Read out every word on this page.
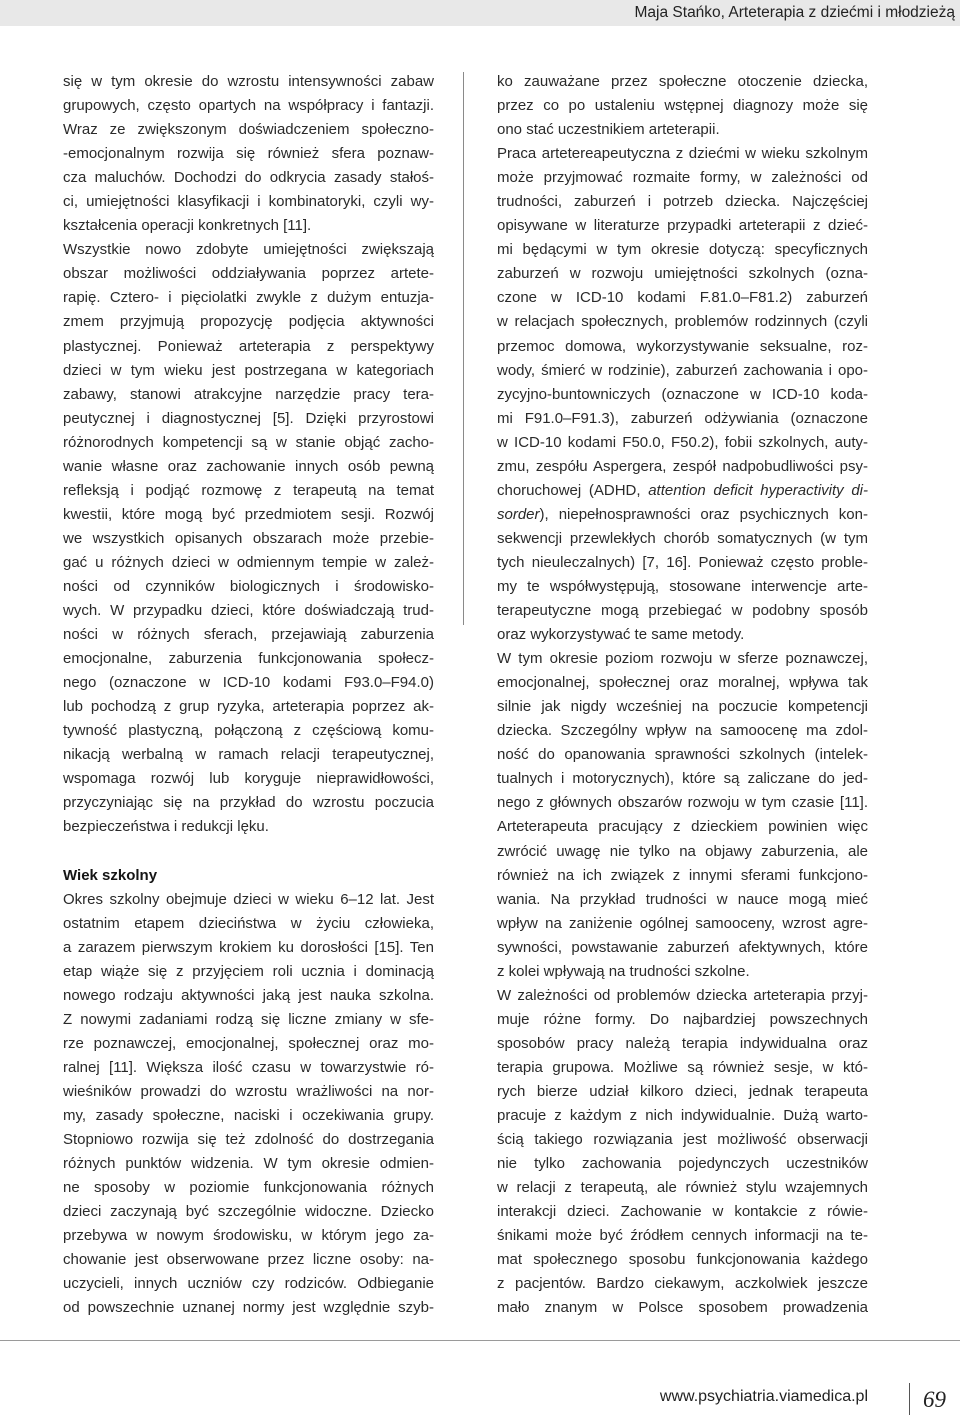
Maja Stańko, Arteterapia z dziećmi i młodzieżą
się w tym okresie do wzrostu intensywności zabaw
grupowych, często opartych na współpracy i fantazji.
Wraz ze zwiększonym doświadczeniem społeczno-
-emocjonalnym rozwija się również sfera poznaw-
cza maluchów. Dochodzi do odkrycia zasady stałoś-
ci, umiejętności klasyfikacji i kombinatoryki, czyli wy-
kształcenia operacji konkretnych [11].
Wszystkie nowo zdobyte umiejętności zwiększają
obszar możliwości oddziaływania poprzez artete-
rapię. Cztero- i pięciolatki zwykle z dużym entuzja-
zmem przyjmują propozycję podjęcia aktywności
plastycznej. Ponieważ arteterapia z perspektywy
dzieci w tym wieku jest postrzegana w kategoriach
zabawy, stanowi atrakcyjne narzędzie pracy tera-
peutycznej i diagnostycznej [5]. Dzięki przyrostowi
różnorodnych kompetencji są w stanie objąć zacho-
wanie własne oraz zachowanie innych osób pewną
refleksją i podjąć rozmowę z terapeutą na temat
kwestii, które mogą być przedmiotem sesji. Rozwój
we wszystkich opisanych obszarach może przebie-
gać u różnych dzieci w odmiennym tempie w zależ-
ności od czynników biologicznych i środowisko-
wych. W przypadku dzieci, które doświadczają trud-
ności w różnych sferach, przejawiają zaburzenia
emocjonalne, zaburzenia funkcjonowania społecz-
nego (oznaczone w ICD-10 kodami F93.0–F94.0)
lub pochodzą z grup ryzyka, arteterapia poprzez ak-
tywność plastyczną, połączoną z częściową komu-
nikacją werbalną w ramach relacji terapeutycznej,
wspomaga rozwój lub koryguje nieprawidłowości,
przyczyniając się na przykład do wzrostu poczucia
bezpieczeństwa i redukcji lęku.
Wiek szkolny
Okres szkolny obejmuje dzieci w wieku 6–12 lat. Jest
ostatnim etapem dzieciństwa w życiu człowieka,
a zarazem pierwszym krokiem ku dorosłości [15]. Ten
etap wiąże się z przyjęciem roli ucznia i dominacją
nowego rodzaju aktywności jaką jest nauka szkolna.
Z nowymi zadaniami rodzą się liczne zmiany w sfe-
rze poznawczej, emocjonalnej, społecznej oraz mo-
ralnej [11]. Większa ilość czasu w towarzystwie ró-
wieśników prowadzi do wzrostu wrażliwości na nor-
my, zasady społeczne, naciski i oczekiwania grupy.
Stopniowo rozwija się też zdolność do dostrzegania
różnych punktów widzenia. W tym okresie odmien-
ne sposoby w poziomie funkcjonowania różnych
dzieci zaczynają być szczególnie widoczne. Dziecko
przebywa w nowym środowisku, w którym jego za-
chowanie jest obserwowane przez liczne osoby: na-
uczycieli, innych uczniów czy rodziców. Odbieganie
od powszechnie uznanej normy jest względnie szyb-
ko zauważane przez społeczne otoczenie dziecka,
przez co po ustaleniu wstępnej diagnozy może się
ono stać uczestnikiem arteterapii.
Praca artetereapeutyczna z dziećmi w wieku szkolnym
może przyjmować rozmaite formy, w zależności od
trudności, zaburzeń i potrzeb dziecka. Najczęściej
opisywane w literaturze przypadki arteterapii z dzieć-
mi będącymi w tym okresie dotyczą: specyficznych
zaburzeń w rozwoju umiejętności szkolnych (ozna-
czone w ICD-10 kodami F.81.0–F81.2) zaburzeń
w relacjach społecznych, problemów rodzinnych (czyli
przemoc domowa, wykorzystywanie seksualne, roz-
wody, śmierć w rodzinie), zaburzeń zachowania i opo-
zycyjno-buntowniczych (oznaczone w ICD-10 koda-
mi F91.0–F91.3), zaburzeń odżywiania (oznaczone
w ICD-10 kodami F50.0, F50.2), fobii szkolnych, auty-
zmu, zespółu Aspergera, zespół nadpobudliwości psy-
choruchowej (ADHD, attention deficit hyperactivity di-
sorder), niepełnosprawności oraz psychicznych kon-
sekwencji przewlekłych chorób somatycznych (w tym
tych nieuleczalnych) [7, 16]. Ponieważ często proble-
my te współwystępują, stosowane interwencje arte-
terapeutyczne mogą przebiegać w podobny sposób
oraz wykorzystywać te same metody.
W tym okresie poziom rozwoju w sferze poznawczej,
emocjonalnej, społecznej oraz moralnej, wpływa tak
silnie jak nigdy wcześniej na poczucie kompetencji
dziecka. Szczególny wpływ na samoocenę ma zdol-
ność do opanowania sprawności szkolnych (intelek-
tualnych i motorycznych), które są zaliczane do jed-
nego z głównych obszarów rozwoju w tym czasie [11].
Arteterapeuta pracujący z dzieckiem powinien więc
zwrócić uwagę nie tylko na objawy zaburzenia, ale
również na ich związek z innymi sferami funkcjono-
wania. Na przykład trudności w nauce mogą mieć
wpływ na zaniżenie ogólnej samooceny, wzrost agre-
sywności, powstawanie zaburzeń afektywnych, które
z kolei wpływają na trudności szkolne.
W zależności od problemów dziecka arteterapia przyj-
muje różne formy. Do najbardziej powszechnych
sposobów pracy należą terapia indywidualna oraz
terapia grupowa. Możliwe są również sesje, w któ-
rych bierze udział kilkoro dzieci, jednak terapeuta
pracuje z każdym z nich indywidualnie. Dużą warto-
ścią takiego rozwiązania jest możliwość obserwacji
nie tylko zachowania pojedynczych uczestników
w relacji z terapeutą, ale również stylu wzajemnych
interakcji dzieci. Zachowanie w kontakcie z rówie-
śnikami może być źródłem cennych informacji na te-
mat społecznego sposobu funkcjonowania każdego
z pacjentów. Bardzo ciekawym, aczkolwiek jeszcze
mało znanym w Polsce sposobem prowadzenia
www.psychiatria.viamedica.pl 69
